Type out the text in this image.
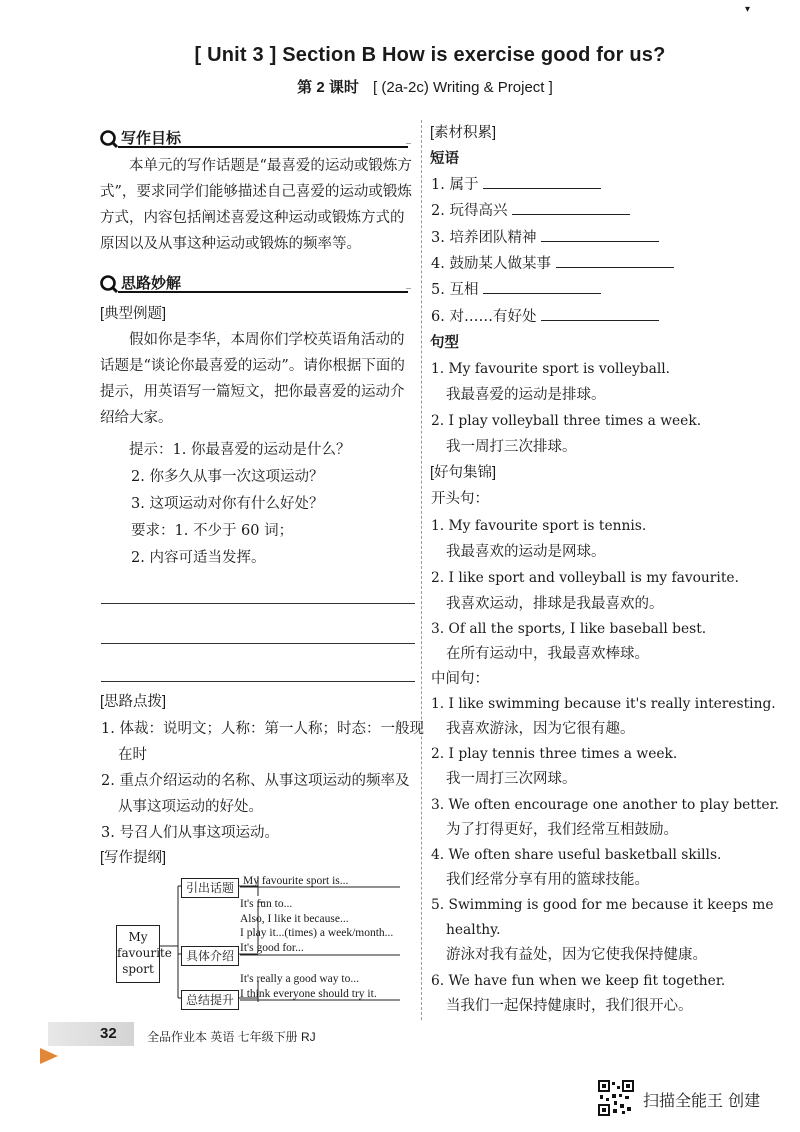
[ Unit 3 ] Section B How is exercise good for us?
第 2 课时 [ (2a-2c) Writing & Project ]
▾
写作目标	_
本单元的写作话题是“最喜爱的运动或锻炼方式”，要求同学们能够描述自己喜爱的运动或锻炼方式，内容包括阐述喜爱这种运动或锻炼方式的原因以及从事这种运动或锻炼的频率等。
思路妙解	_
[典型例题]
假如你是李华，本周你们学校英语角活动的话题是“谈论你最喜爱的运动”。请你根据下面的提示，用英语写一篇短文，把你最喜爱的运动介绍给大家。
提示：1. 你最喜爱的运动是什么？
2. 你多久从事一次这项运动？
3. 这项运动对你有什么好处？
要求：1. 不少于 60 词；
2. 内容可适当发挥。
[思路点拨]
1. 体裁：说明文；人称：第一人称；时态：一般现
在时
2. 重点介绍运动的名称、从事这项运动的频率及
从事这项运动的好处。
3. 号召人们从事这项运动。
[写作提纲]
My
favourite
sport
引出话题
具体介绍
总结提升
My favourite sport is...
It's fun to...
Also, I like it because...
I play it...(times) a week/month...
It's good for...
It's really a good way to...
I think everyone should try it.
[素材积累]
短语
1. 属于
2. 玩得高兴
3. 培养团队精神
4. 鼓励某人做某事
5. 互相
6. 对……有好处
句型
1. My favourite sport is volleyball.
我最喜爱的运动是排球。
2. I play volleyball three times a week.
我一周打三次排球。
[好句集锦]
开头句：
1. My favourite sport is tennis.
我最喜欢的运动是网球。
2. I like sport and volleyball is my favourite.
我喜欢运动，排球是我最喜欢的。
3. Of all the sports, I like baseball best.
在所有运动中，我最喜欢棒球。
中间句：
1. I like swimming because it's really interesting.
我喜欢游泳，因为它很有趣。
2. I play tennis three times a week.
我一周打三次网球。
3. We often encourage one another to play better.
为了打得更好，我们经常互相鼓励。
4. We often share useful basketball skills.
我们经常分享有用的篮球技能。
5. Swimming is good for me because it keeps me
healthy.
游泳对我有益处，因为它使我保持健康。
6. We have fun when we keep fit together.
当我们一起保持健康时，我们很开心。
32	全品作业本 英语 七年级下册 RJ
扫描全能王 创建
